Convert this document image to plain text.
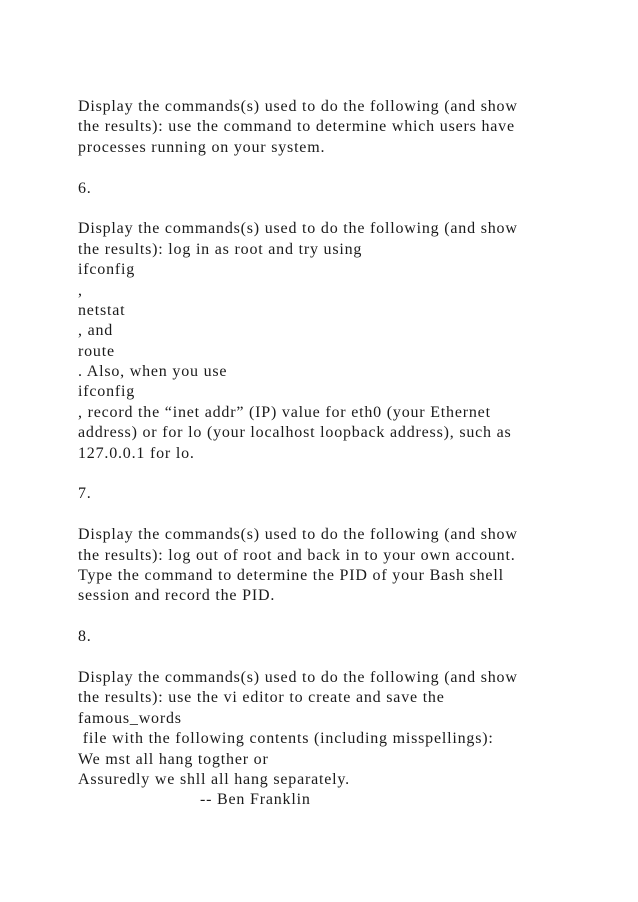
Display the commands(s) used to do the following (and show
the results): use the command to determine which users have
processes running on your system.
6.
Display the commands(s) used to do the following (and show
the results): log in as root and try using
ifconfig
,
netstat
, and
route
. Also, when you use
ifconfig
, record the “inet addr” (IP) value for eth0 (your Ethernet
address) or for lo (your localhost loopback address), such as
127.0.0.1 for lo.
7.
Display the commands(s) used to do the following (and show
the results): log out of root and back in to your own account.
Type the command to determine the PID of your Bash shell
session and record the PID.
8.
Display the commands(s) used to do the following (and show
the results): use the vi editor to create and save the
famous_words
file with the following contents (including misspellings):
We mst all hang togther or
Assuredly we shll all hang separately.
-- Ben Franklin
